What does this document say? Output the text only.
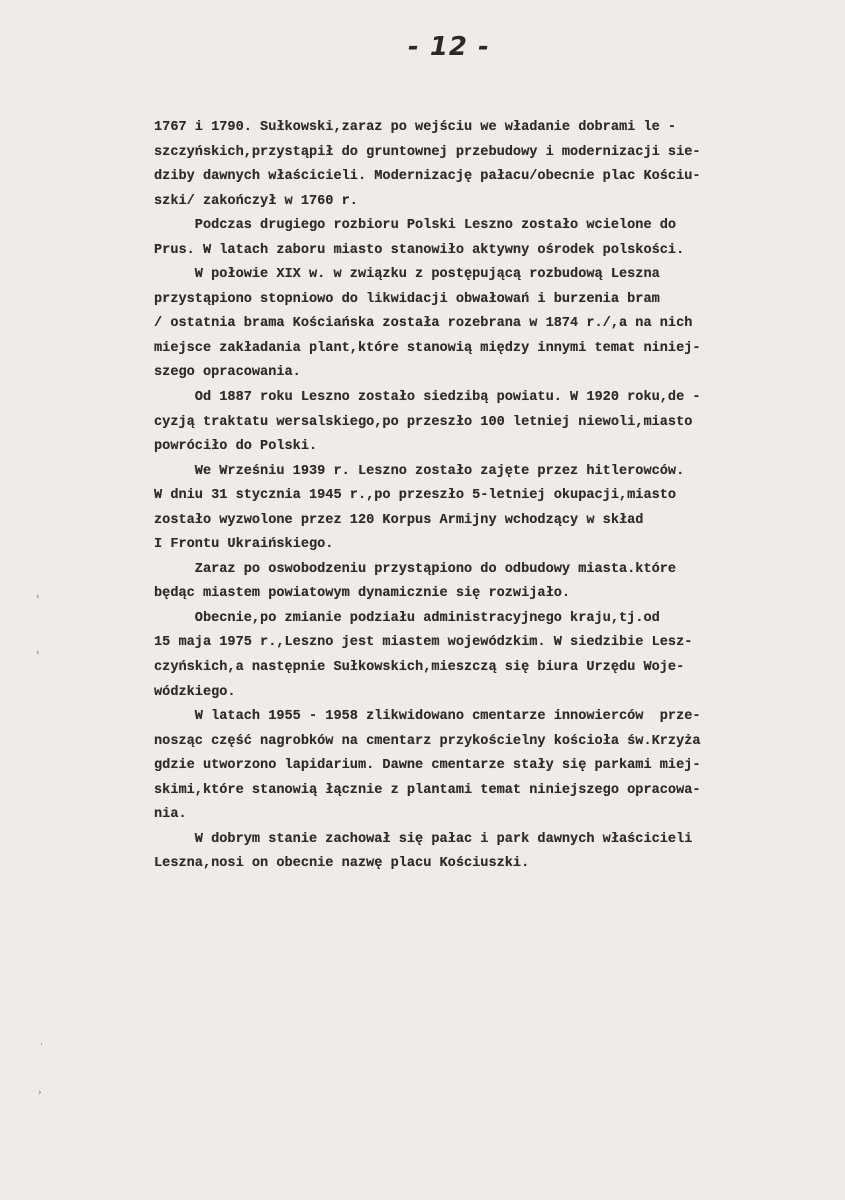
- 12 -
‹
‹
·
›
1767 i 1790. Sułkowski,zaraz po wejściu we władanie dobrami le -
szczyńskich,przystąpił do gruntownej przebudowy i modernizacji sie-
dziby dawnych właścicieli. Modernizację pałacu/obecnie plac Kościu-
szki/ zakończył w 1760 r.
Podczas drugiego rozbioru Polski Leszno zostało wcielone do
Prus. W latach zaboru miasto stanowiło aktywny ośrodek polskości.
W połowie XIX w. w związku z postępującą rozbudową Leszna
przystąpiono stopniowo do likwidacji obwałowań i burzenia bram
/ ostatnia brama Kościańska została rozebrana w 1874 r./,a na nich
miejsce zakładania plant,które stanowią między innymi temat niniej-
szego opracowania.
Od 1887 roku Leszno zostało siedzibą powiatu. W 1920 roku,de -
cyzją traktatu wersalskiego,po przeszło 100 letniej niewoli,miasto
powróciło do Polski.
We Wrześniu 1939 r. Leszno zostało zajęte przez hitlerowców.
W dniu 31 stycznia 1945 r.,po przeszło 5-letniej okupacji,miasto
zostało wyzwolone przez 120 Korpus Armijny wchodzący w skład
I Frontu Ukraińskiego.
Zaraz po oswobodzeniu przystąpiono do odbudowy miasta.które
będąc miastem powiatowym dynamicznie się rozwijało.
Obecnie,po zmianie podziału administracyjnego kraju,tj.od
15 maja 1975 r.,Leszno jest miastem wojewódzkim. W siedzibie Lesz-
czyńskich,a następnie Sułkowskich,mieszczą się biura Urzędu Woje-
wódzkiego.
W latach 1955 - 1958 zlikwidowano cmentarze innowierców  prze-
nosząc część nagrobków na cmentarz przykościelny kościoła św.Krzyża
gdzie utworzono lapidarium. Dawne cmentarze stały się parkami miej-
skimi,które stanowią łącznie z plantami temat niniejszego opracowa-
nia.
W dobrym stanie zachował się pałac i park dawnych właścicieli
Leszna,nosi on obecnie nazwę placu Kościuszki.
